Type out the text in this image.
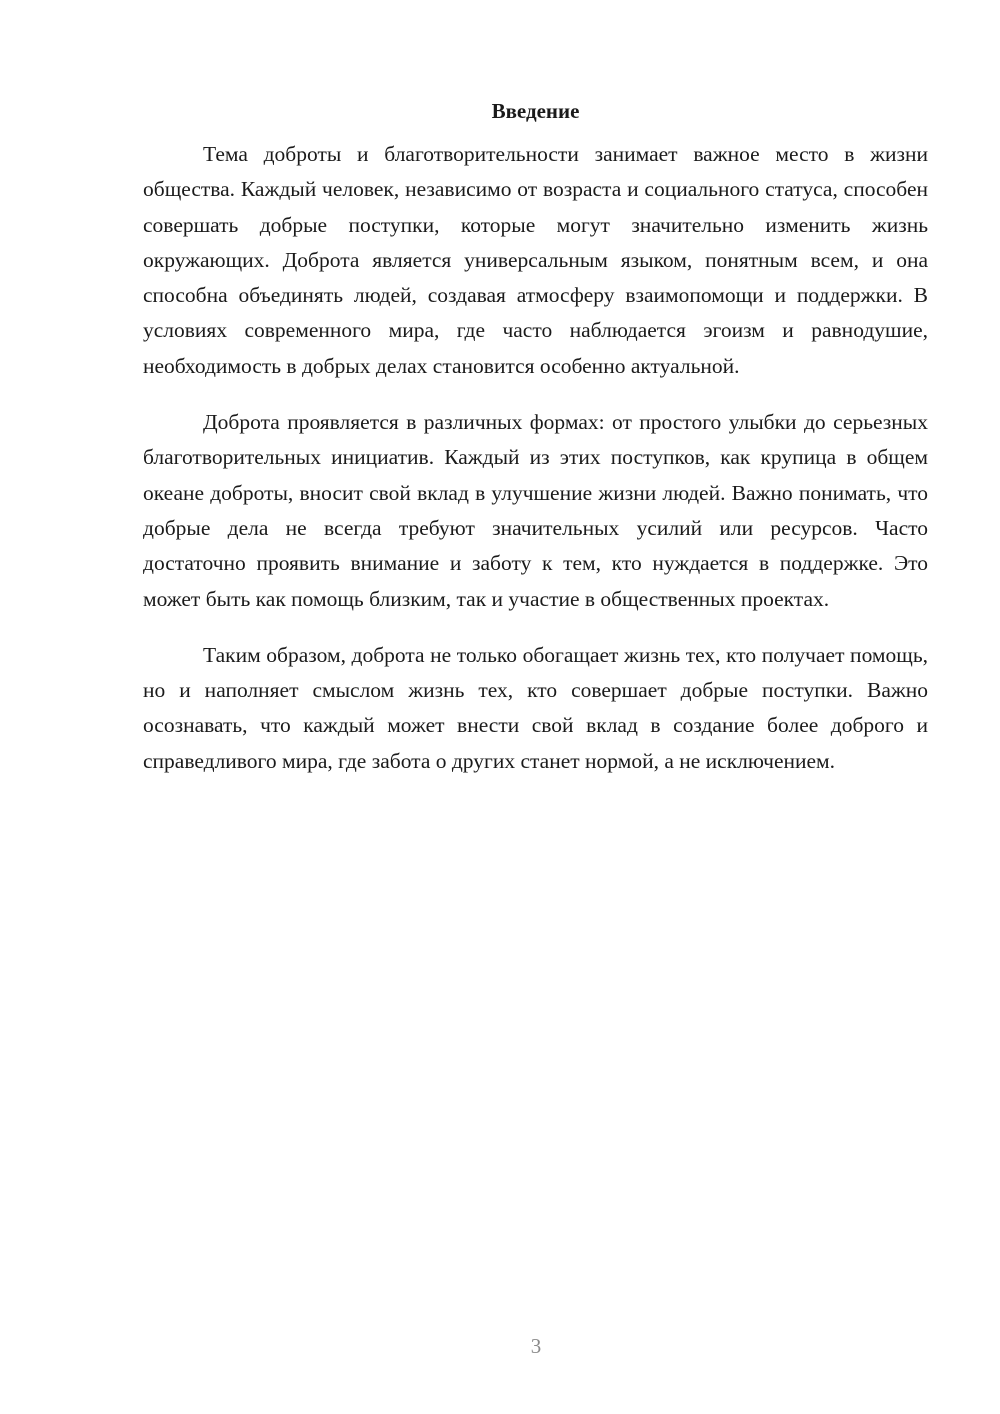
Введение

Тема доброты и благотворительности занимает важное место в жизни общества. Каждый человек, независимо от возраста и социального статуса, способен совершать добрые поступки, которые могут значительно изменить жизнь окружающих. Доброта является универсальным языком, понятным всем, и она способна объединять людей, создавая атмосферу взаимопомощи и поддержки. В условиях современного мира, где часто наблюдается эгоизм и равнодушие, необходимость в добрых делах становится особенно актуальной.

Доброта проявляется в различных формах: от простого улыбки до серьезных благотворительных инициатив. Каждый из этих поступков, как крупица в общем океане доброты, вносит свой вклад в улучшение жизни людей. Важно понимать, что добрые дела не всегда требуют значительных усилий или ресурсов. Часто достаточно проявить внимание и заботу к тем, кто нуждается в поддержке. Это может быть как помощь близким, так и участие в общественных проектах.

Таким образом, доброта не только обогащает жизнь тех, кто получает помощь, но и наполняет смыслом жизнь тех, кто совершает добрые поступки. Важно осознавать, что каждый может внести свой вклад в создание более доброго и справедливого мира, где забота о других станет нормой, а не исключением.

3
